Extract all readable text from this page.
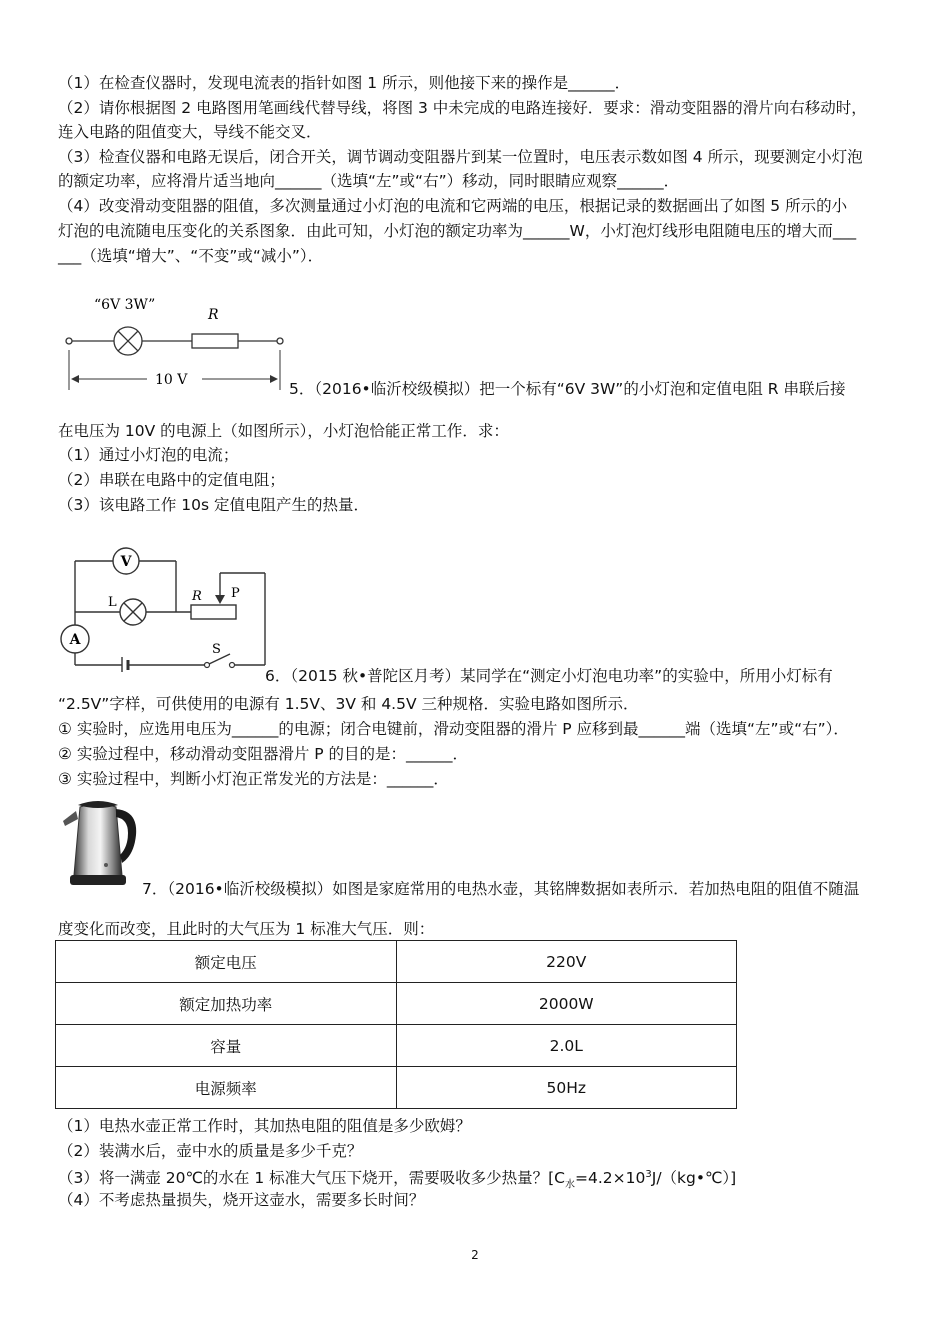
（1）在检查仪器时，发现电流表的指针如图 1 所示，则他接下来的操作是______．
（2）请你根据图 2 电路图用笔画线代替导线，将图 3 中未完成的电路连接好．要求：滑动变阻器的滑片向右移动时，
连入电路的阻值变大，导线不能交叉．
（3）检查仪器和电路无误后，闭合开关，调节调动变阻器片到某一位置时，电压表示数如图 4 所示，现要测定小灯泡
的额定功率，应将滑片适当地向______（选填“左”或“右”）移动，同时眼睛应观察______．
（4）改变滑动变阻器的阻值，多次测量通过小灯泡的电流和它两端的电压，根据记录的数据画出了如图 5 所示的小
灯泡的电流随电压变化的关系图象．由此可知，小灯泡的额定功率为______W，小灯泡灯线形电阻随电压的增大而___
___（选填“增大”、“不变”或“减小”）．
“6V 3W”
R
10 V	5．（2016•临沂校级模拟）把一个标有“6V 3W”的小灯泡和定值电阻 R 串联后接
在电压为 10V 的电源上（如图所示），小灯泡恰能正常工作．求：
（1）通过小灯泡的电流；
（2）串联在电路中的定值电阻；
（3）该电路工作 10s 定值电阻产生的热量．
V
L	R P
A
S
6．（2015 秋•普陀区月考）某同学在“测定小灯泡电功率”的实验中，所用小灯标有
“2.5V”字样，可供使用的电源有 1.5V、3V 和 4.5V 三种规格．实验电路如图所示．
① 实验时，应选用电压为______的电源；闭合电键前，滑动变阻器的滑片 P 应移到最______端（选填“左”或“右”）．
② 实验过程中，移动滑动变阻器滑片 P 的目的是：______．
③ 实验过程中，判断小灯泡正常发光的方法是：______．
7．（2016•临沂校级模拟）如图是家庭常用的电热水壶，其铭牌数据如表所示．若加热电阻的阻值不随温
度变化而改变，且此时的大气压为 1 标准大气压．则：
额定电压	220V
额定加热功率	2000W
容量	2.0L
电源频率	50Hz
（1）电热水壶正常工作时，其加热电阻的阻值是多少欧姆？
（2）装满水后，壶中水的质量是多少千克？
（3）将一满壶 20℃的水在 1 标准大气压下烧开，需要吸收多少热量？$[C_水=4.2\times 10^3J/(kg•℃)]$
（4）不考虑热量损失，烧开这壶水，需要多长时间？
2
